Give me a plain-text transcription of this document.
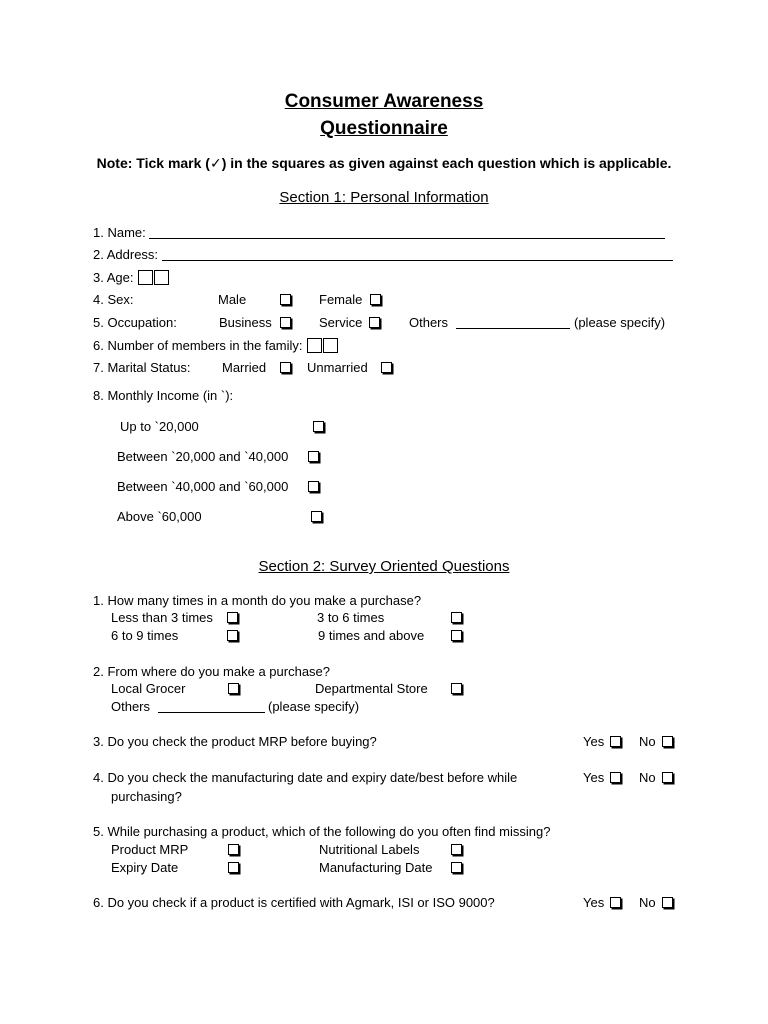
Consumer Awareness
Questionnaire
Note: Tick mark (✓) in the squares as given against each question which is applicable.
Section 1: Personal Information
1. Name:
2. Address:
3. Age:
4. Sex:	Male	Female
5. Occupation:	Business	Service	Others	(please specify)
6. Number of members in the family:
7. Marital Status: Married	Unmarried
8. Monthly Income (in `):
Up to `20,000
Between `20,000 and `40,000
Between `40,000 and `60,000
Above `60,000
Section 2: Survey Oriented Questions
1. How many times in a month do you make a purchase?
Less than 3 times	3 to 6 times
6 to 9 times	9 times and above
2. From where do you make a purchase?
Local Grocer	Departmental Store
Others	(please specify)
3. Do you check the product MRP before buying?	Yes	No
4. Do you check the manufacturing date and expiry date/best before while
purchasing?
Yes	No
5. While purchasing a product, which of the following do you often find missing?
Product MRP	Nutritional Labels
Expiry Date	Manufacturing Date
6. Do you check if a product is certified with Agmark, ISI or ISO 9000?	Yes	No
